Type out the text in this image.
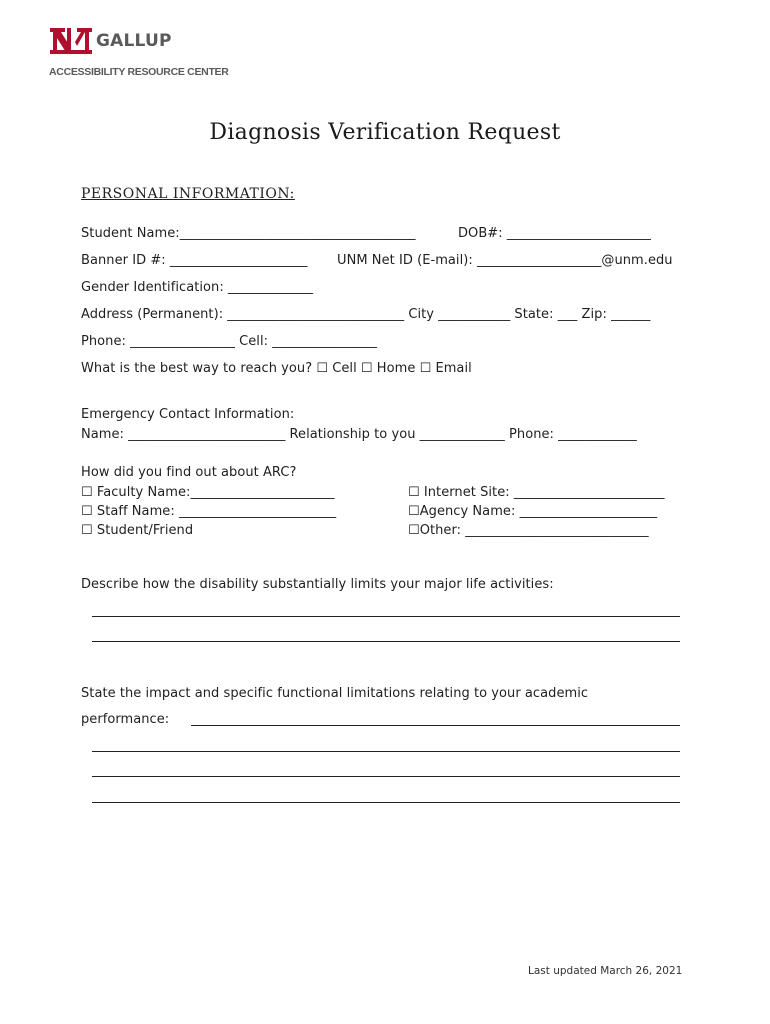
GALLUP
ACCESSIBILITY RESOURCE CENTER
Diagnosis Verification Request
PERSONAL INFORMATION:
Student Name:____________________________________	DOB#: ______________________
Banner ID #: _____________________ UNM Net ID (E-mail): ___________________@unm.edu
Gender Identification: _____________
Address (Permanent): ___________________________ City ___________ State: ___ Zip: ______
Phone: ________________ Cell: ________________
What is the best way to reach you? ☐ Cell ☐ Home ☐ Email
Emergency Contact Information:
Name: ________________________ Relationship to you _____________ Phone: ____________
How did you find out about ARC?
☐ Faculty Name:______________________
☐ Staff Name: ________________________
☐ Student/Friend
☐ Internet Site: _______________________
☐Agency Name: _____________________
☐Other: ____________________________
Describe how the disability substantially limits your major life activities:
State the impact and specific functional limitations relating to your academic
performance:
Last updated March 26, 2021
